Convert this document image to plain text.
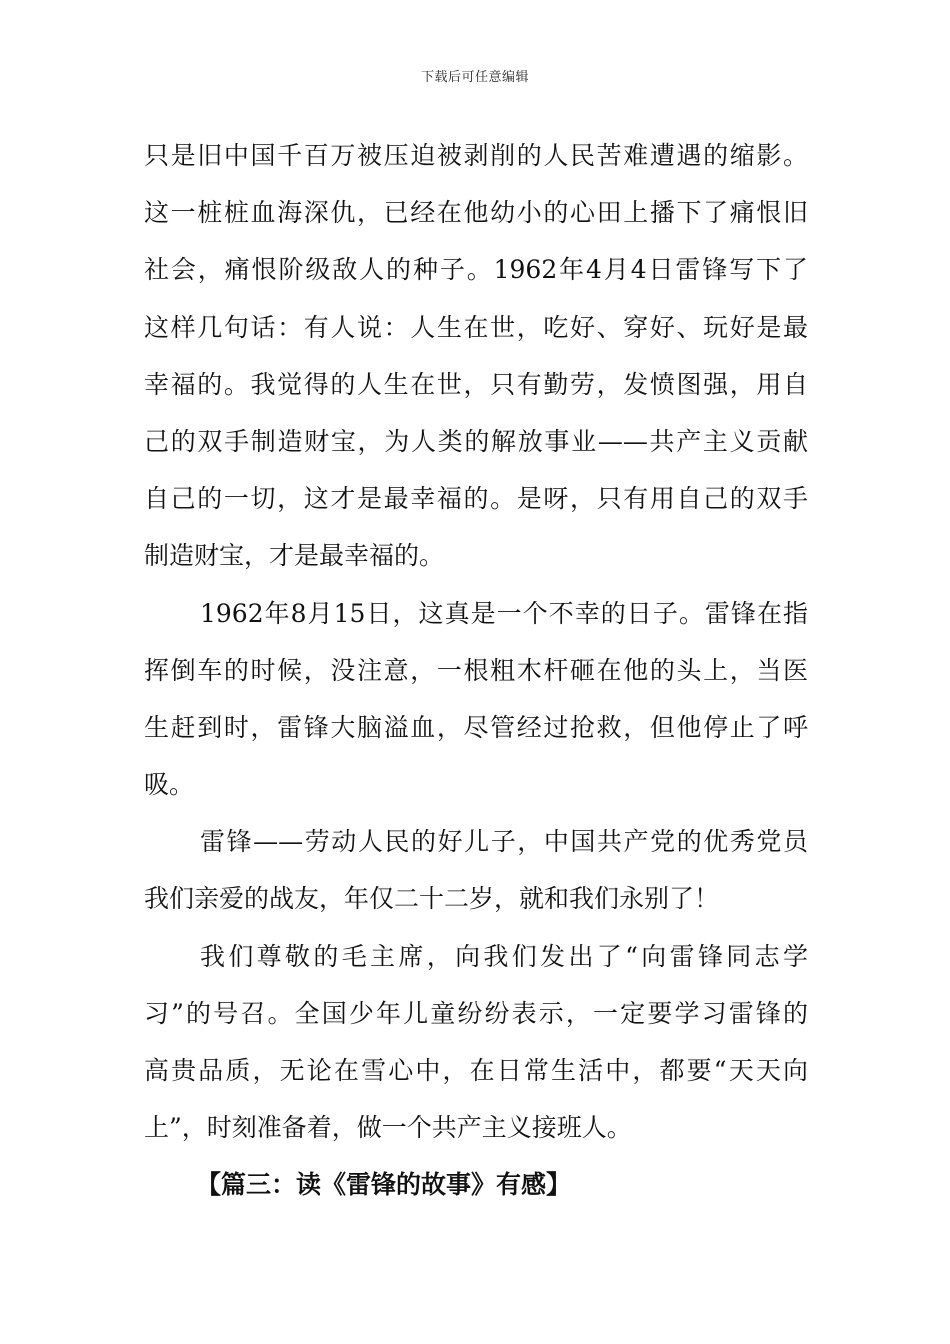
下载后可任意编辑
只是旧中国千百万被压迫被剥削的人民苦难遭遇的缩影。
这一桩桩血海深仇，已经在他幼小的心田上播下了痛恨旧
社会，痛恨阶级敌人的种子。1962年4月4日雷锋写下了
这样几句话：有人说：人生在世，吃好、穿好、玩好是最
幸福的。我觉得的人生在世，只有勤劳，发愤图强，用自
己的双手制造财宝，为人类的解放事业——共产主义贡献
自己的一切，这才是最幸福的。是呀，只有用自己的双手
制造财宝，才是最幸福的。
1962年8月15日，这真是一个不幸的日子。雷锋在指
挥倒车的时候，没注意，一根粗木杆砸在他的头上，当医
生赶到时，雷锋大脑溢血，尽管经过抢救，但他停止了呼
吸。
雷锋——劳动人民的好儿子，中国共产党的优秀党员
我们亲爱的战友，年仅二十二岁，就和我们永别了！
我们尊敬的毛主席，向我们发出了“向雷锋同志学
习”的号召。全国少年儿童纷纷表示，一定要学习雷锋的
高贵品质，无论在雪心中，在日常生活中，都要“天天向
上”，时刻准备着，做一个共产主义接班人。
【篇三：读《雷锋的故事》有感】
